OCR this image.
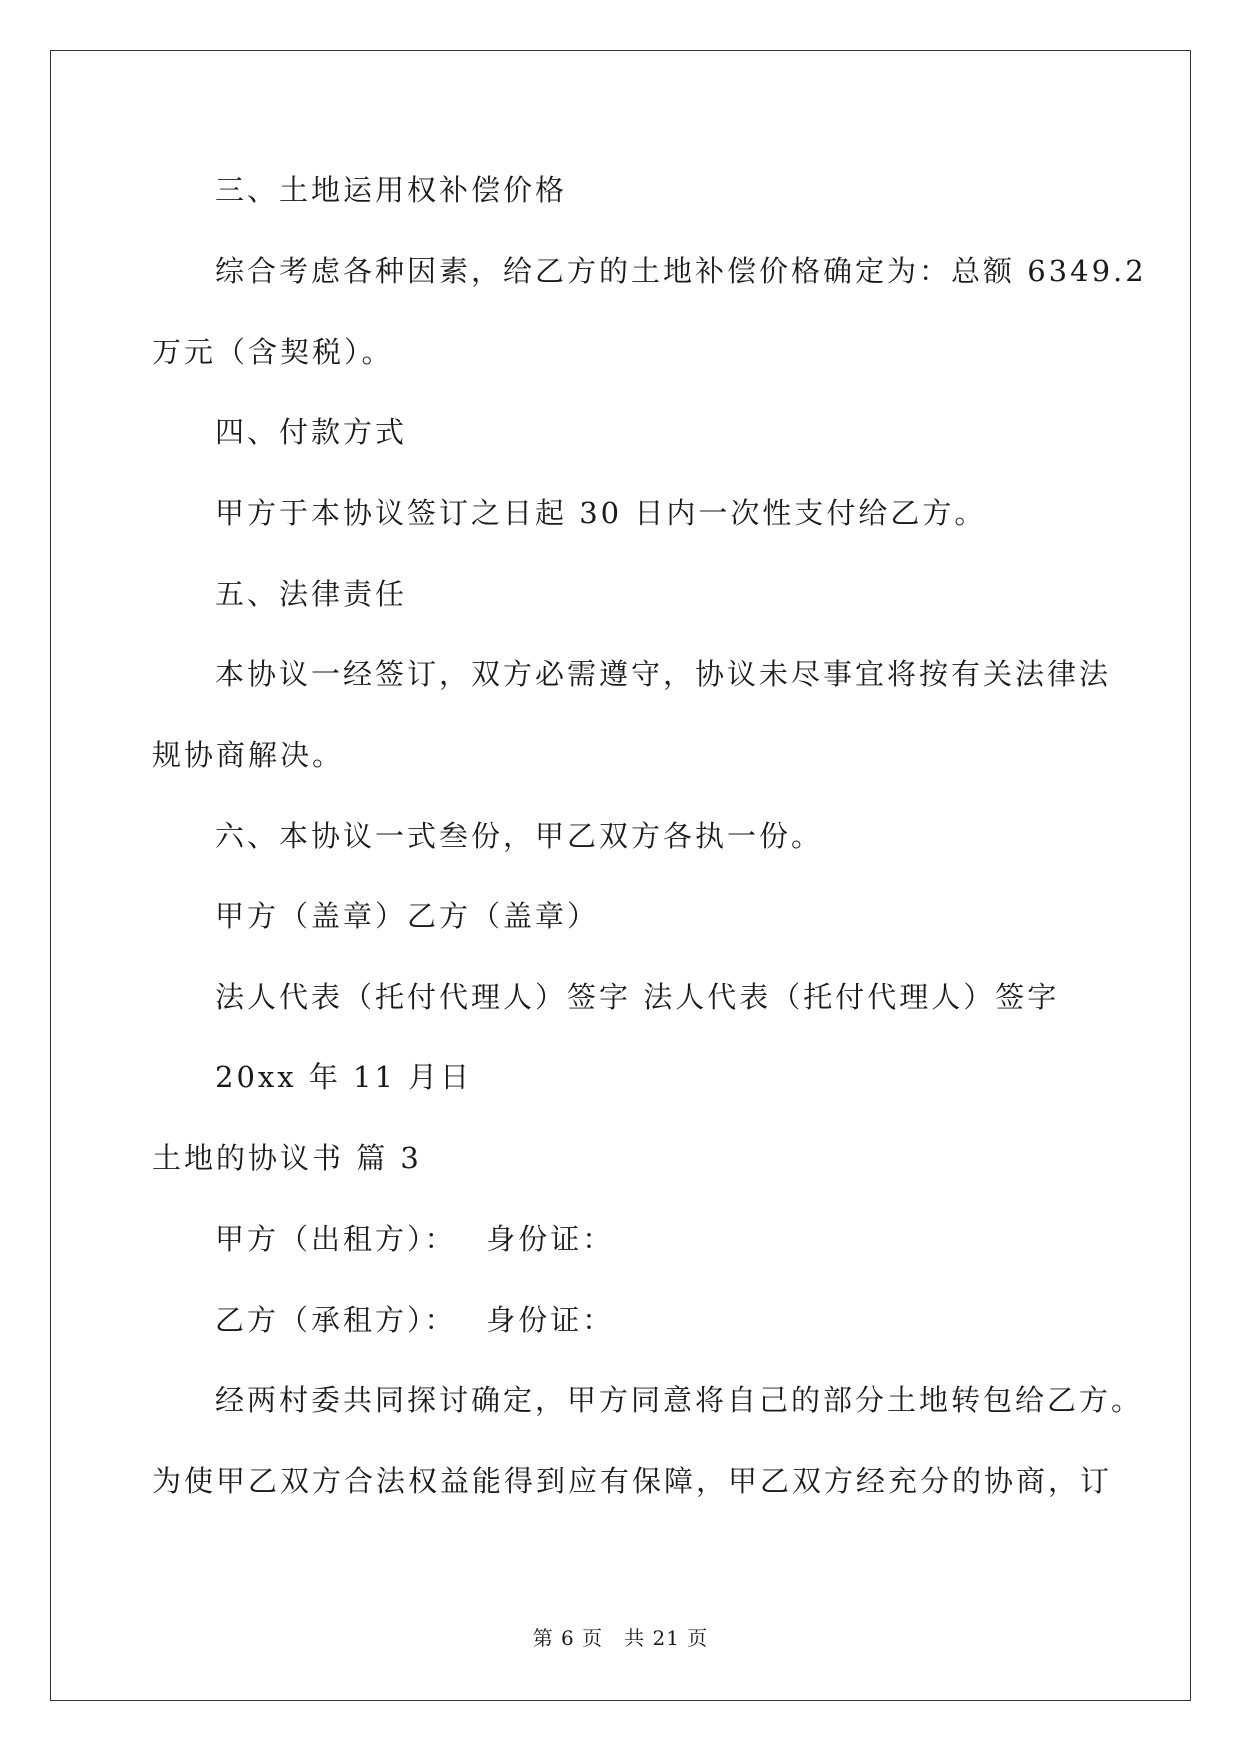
三、土地运用权补偿价格
综合考虑各种因素，给乙方的土地补偿价格确定为：总额 6349.2
万元（含契税）。
四、付款方式
甲方于本协议签订之日起 30 日内一次性支付给乙方。
五、法律责任
本协议一经签订，双方必需遵守，协议未尽事宜将按有关法律法
规协商解决。
六、本协议一式叁份，甲乙双方各执一份。
甲方（盖章）乙方（盖章）
法人代表（托付代理人）签字 法人代表（托付代理人）签字
20xx 年 11 月日
土地的协议书 篇 3
甲方（出租方）：　 身份证：
乙方（承租方）：　 身份证：
经两村委共同探讨确定，甲方同意将自己的部分土地转包给乙方。
为使甲乙双方合法权益能得到应有保障，甲乙双方经充分的协商，订
第 6 页　共 21 页
